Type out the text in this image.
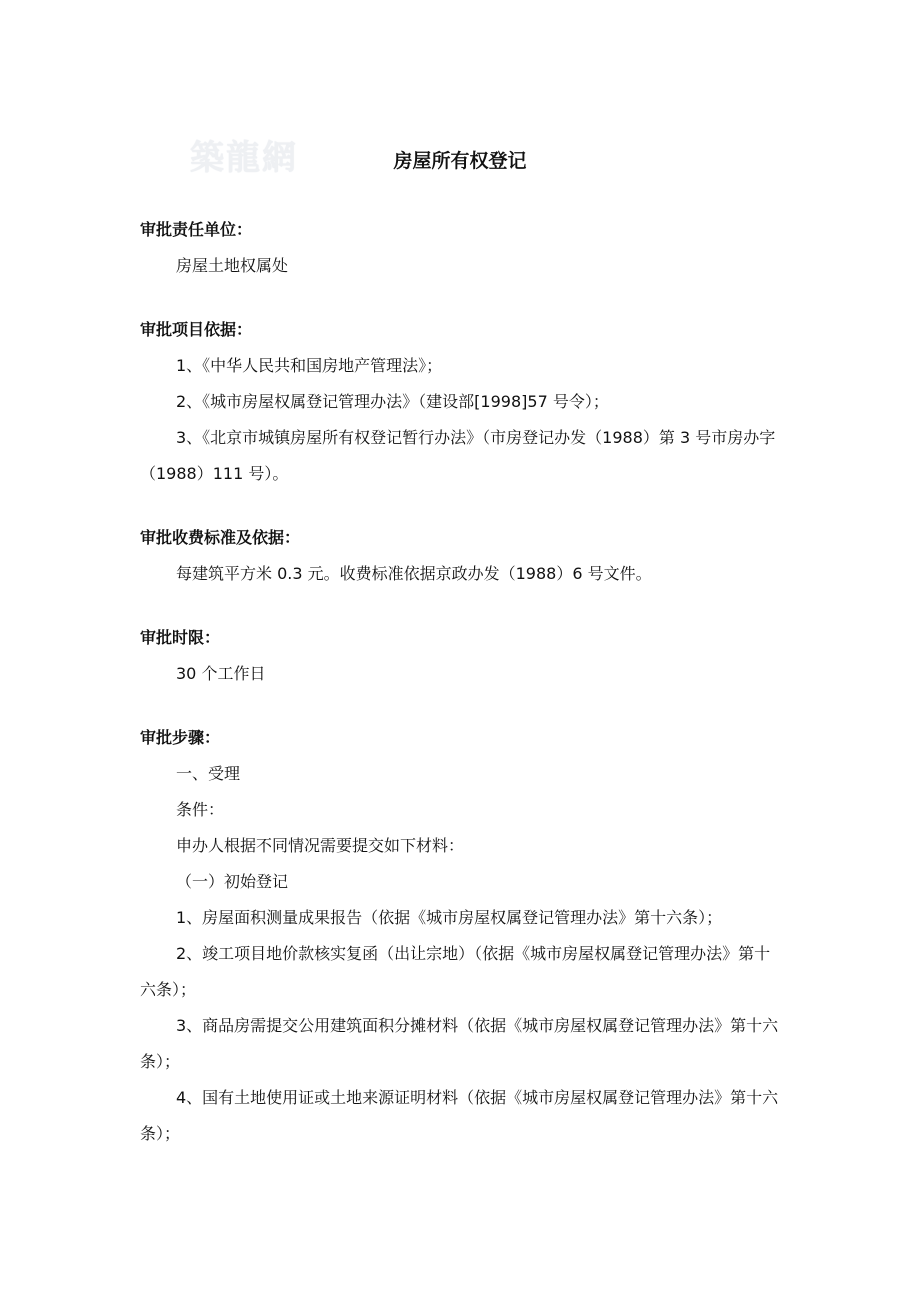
築龍網	房屋所有权登记

审批责任单位：

房屋土地权属处

审批项目依据：

1、《中华人民共和国房地产管理法》；

2、《城市房屋权属登记管理办法》（建设部[1998]57 号令）；

3、《北京市城镇房屋所有权登记暂行办法》（市房登记办发（1988）第 3 号市房办字（1988）111 号）。

审批收费标准及依据：

每建筑平方米 0.3 元。收费标准依据京政办发（1988）6 号文件。

审批时限：

30 个工作日

审批步骤：

一、受理

条件：

申办人根据不同情况需要提交如下材料：

（一）初始登记

1、房屋面积测量成果报告（依据《城市房屋权属登记管理办法》第十六条）；

2、竣工项目地价款核实复函（出让宗地）（依据《城市房屋权属登记管理办法》第十六条）；

3、商品房需提交公用建筑面积分摊材料（依据《城市房屋权属登记管理办法》第十六条）；

4、国有土地使用证或土地来源证明材料（依据《城市房屋权属登记管理办法》第十六条）；
